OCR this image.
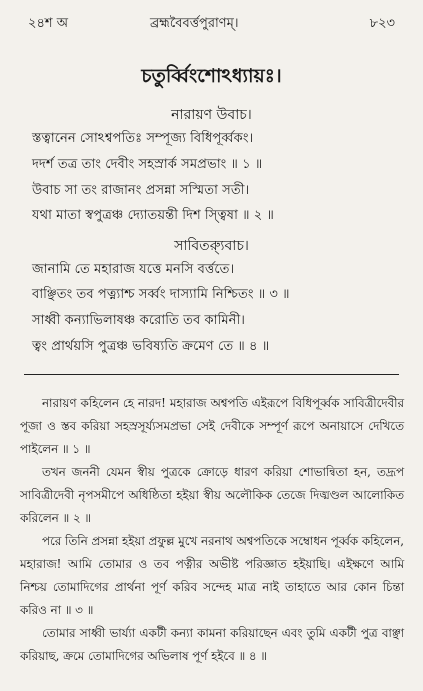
২৪শ অ	ব্রহ্মবৈবর্ত্তপুরাণম্।	৮২৩
চতুর্ব্বিংশোঽধ্যায়ঃ।
নারায়ণ উবাচ।
স্তত্বানেন সোঽশ্বপতিঃ সম্পূজ্য বিধিপূর্ব্বকং।
দদর্শ তত্র তাং দেবীং সহস্রার্ক সমপ্রভাং ॥ ১ ॥
উবাচ সা তং রাজানং প্রসন্না সস্মিতা সতী।
যথা মাতা স্বপুত্রঞ্চ দ্যোতয়ন্তী দিশ স্ত্বিষা ॥ ২ ॥
সাবিত্র্যুবাচ।
জানামি তে মহারাজ যত্তে মনসি বর্ত্ততে।
বাঞ্ছিতং তব পত্ন্যাশ্চ সর্ব্বং দাস্যামি নিশ্চিতং ॥ ৩ ॥
সাধ্বী কন্যাভিলাষঞ্চ করোতি তব কামিনী।
ত্বং প্রার্থয়সি পুত্রঞ্চ ভবিষ্যতি ক্রমেণ তে ॥ ৪ ॥

নারায়ণ কহিলেন হে নারদ! মহারাজ অশ্বপতি এইরূপে বিধিপূর্ব্বক সাবিত্রীদেবীর পূজা ও স্তব করিয়া সহস্রসূর্য্যসমপ্রভা সেই দেবীকে সম্পূর্ণ রূপে অনায়াসে দেখিতে পাইলেন ॥ ১ ॥

তখন জননী যেমন স্বীয় পুত্রকে ক্রোড়ে ধারণ করিয়া শোভান্বিতা হন, তদ্রূপ সাবিত্রীদেবী নৃপসমীপে অধিষ্ঠিতা হইয়া স্বীয় অলৌকিক তেজে দিঙ্মণ্ডল আলোকিত করিলেন ॥ ২ ॥

পরে তিনি প্রসন্না হইয়া প্রফুল্ল মুখে নরনাথ অশ্বপতিকে সম্বোধন পূর্ব্বক কহিলেন, মহারাজ! আমি তোমার ও তব পত্নীর অভীষ্ট পরিজ্ঞাত হইয়াছি। এইক্ষণে আমি নিশ্চয় তোমাদিগের প্রার্থনা পূর্ণ করিব সন্দেহ মাত্র নাই তাহাতে আর কোন চিন্তা করিও না ॥ ৩ ॥

তোমার সাধ্বী ভার্য্যা একটী কন্যা কামনা করিয়াছেন এবং তুমি একটী পুত্র বাঞ্ছা করিয়াছ, ক্রমে তোমাদিগের অভিলাষ পূর্ণ হইবে ॥ ৪ ॥
